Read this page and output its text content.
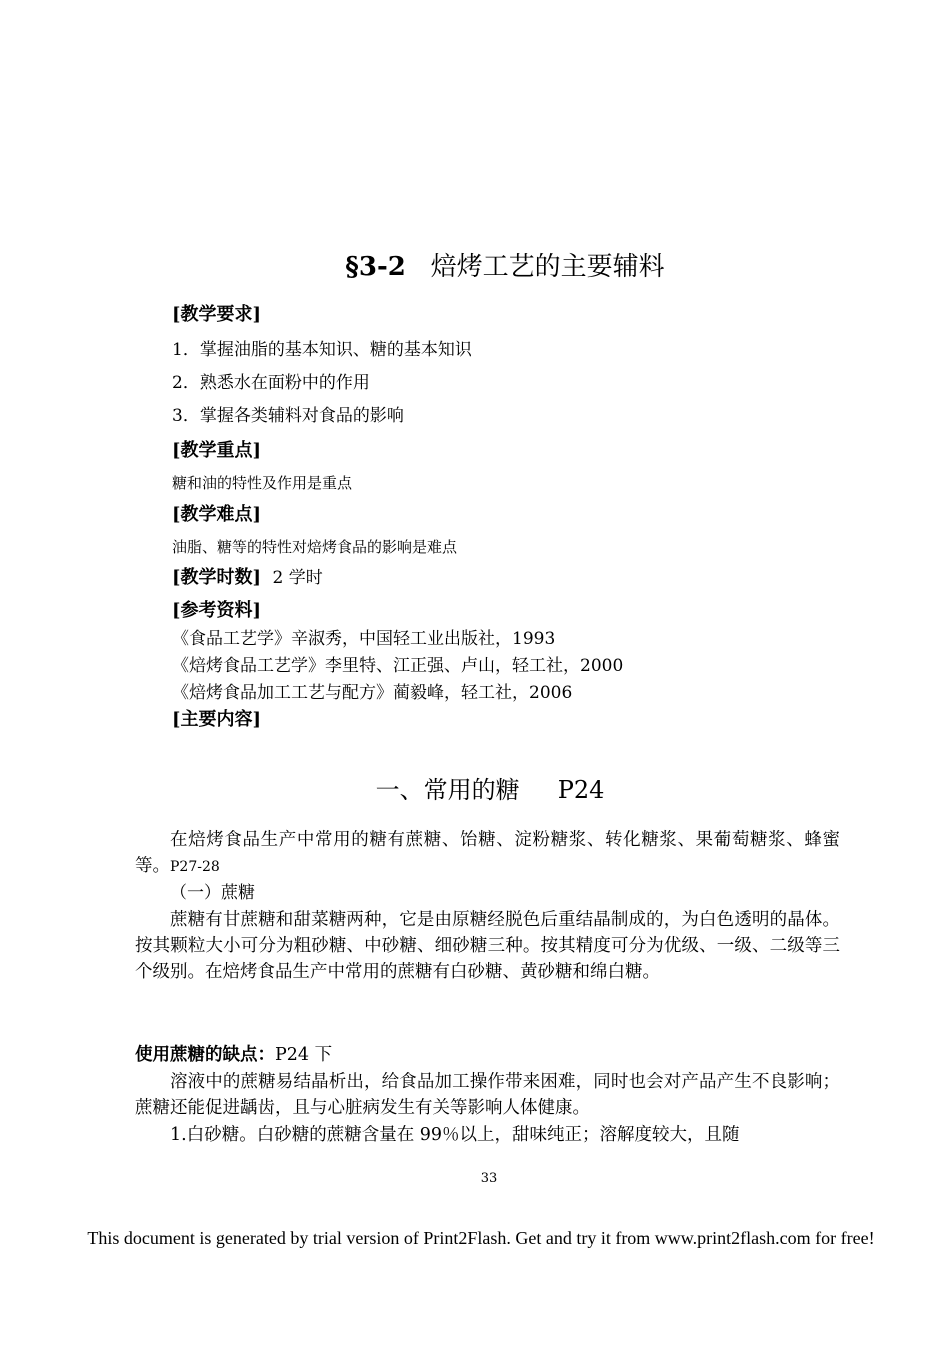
§3-2 焙烤工艺的主要辅料
[教学要求]
1．掌握油脂的基本知识、糖的基本知识
2．熟悉水在面粉中的作用
3．掌握各类辅料对食品的影响
[教学重点]
糖和油的特性及作用是重点
[教学难点]
油脂、糖等的特性对焙烤食品的影响是难点
[教学时数] 2 学时
[参考资料]
《食品工艺学》辛淑秀，中国轻工业出版社，1993
《焙烤食品工艺学》李里特、江正强、卢山，轻工社，2000
《焙烤食品加工工艺与配方》蔺毅峰，轻工社，2006
[主要内容]
一、常用的糖 P24
在焙烤食品生产中常用的糖有蔗糖、饴糖、淀粉糖浆、转化糖浆、果葡萄糖浆、蜂蜜等。P27-28
（一）蔗糖
蔗糖有甘蔗糖和甜菜糖两种，它是由原糖经脱色后重结晶制成的，为白色透明的晶体。按其颗粒大小可分为粗砂糖、中砂糖、细砂糖三种。按其精度可分为优级、一级、二级等三个级别。在焙烤食品生产中常用的蔗糖有白砂糖、黄砂糖和绵白糖。
使用蔗糖的缺点：P24 下
溶液中的蔗糖易结晶析出，给食品加工操作带来困难，同时也会对产品产生不良影响；蔗糖还能促进龋齿，且与心脏病发生有关等影响人体健康。
1.白砂糖。白砂糖的蔗糖含量在 99％以上，甜味纯正；溶解度较大，且随
33
This document is generated by trial version of Print2Flash. Get and try it from www.print2flash.com for free!
